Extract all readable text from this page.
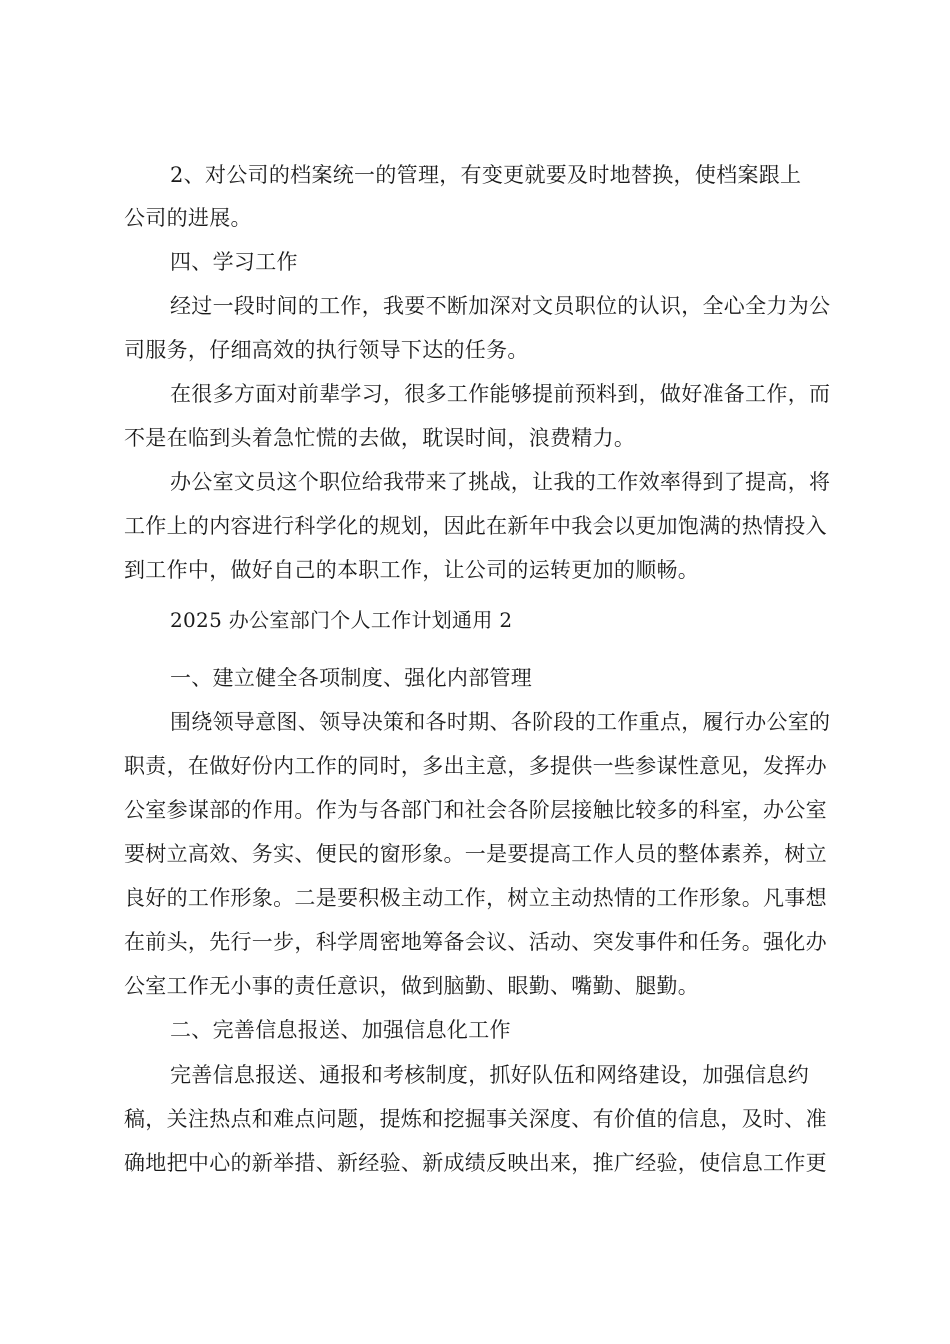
2、对公司的档案统一的管理，有变更就要及时地替换，使档案跟上
公司的进展。
四、学习工作
经过一段时间的工作，我要不断加深对文员职位的认识，全心全力为公
司服务，仔细高效的执行领导下达的任务。
在很多方面对前辈学习，很多工作能够提前预料到，做好准备工作，而
不是在临到头着急忙慌的去做，耽误时间，浪费精力。
办公室文员这个职位给我带来了挑战，让我的工作效率得到了提高，将
工作上的内容进行科学化的规划，因此在新年中我会以更加饱满的热情投入
到工作中，做好自己的本职工作，让公司的运转更加的顺畅。
2025 办公室部门个人工作计划通用 2
一、建立健全各项制度、强化内部管理
围绕领导意图、领导决策和各时期、各阶段的工作重点，履行办公室的
职责，在做好份内工作的同时，多出主意，多提供一些参谋性意见，发挥办
公室参谋部的作用。作为与各部门和社会各阶层接触比较多的科室，办公室
要树立高效、务实、便民的窗形象。一是要提高工作人员的整体素养，树立
良好的工作形象。二是要积极主动工作，树立主动热情的工作形象。凡事想
在前头，先行一步，科学周密地筹备会议、活动、突发事件和任务。强化办
公室工作无小事的责任意识，做到脑勤、眼勤、嘴勤、腿勤。
二、完善信息报送、加强信息化工作
完善信息报送、通报和考核制度，抓好队伍和网络建设，加强信息约
稿，关注热点和难点问题，提炼和挖掘事关深度、有价值的信息，及时、准
确地把中心的新举措、新经验、新成绩反映出来，推广经验，使信息工作更
